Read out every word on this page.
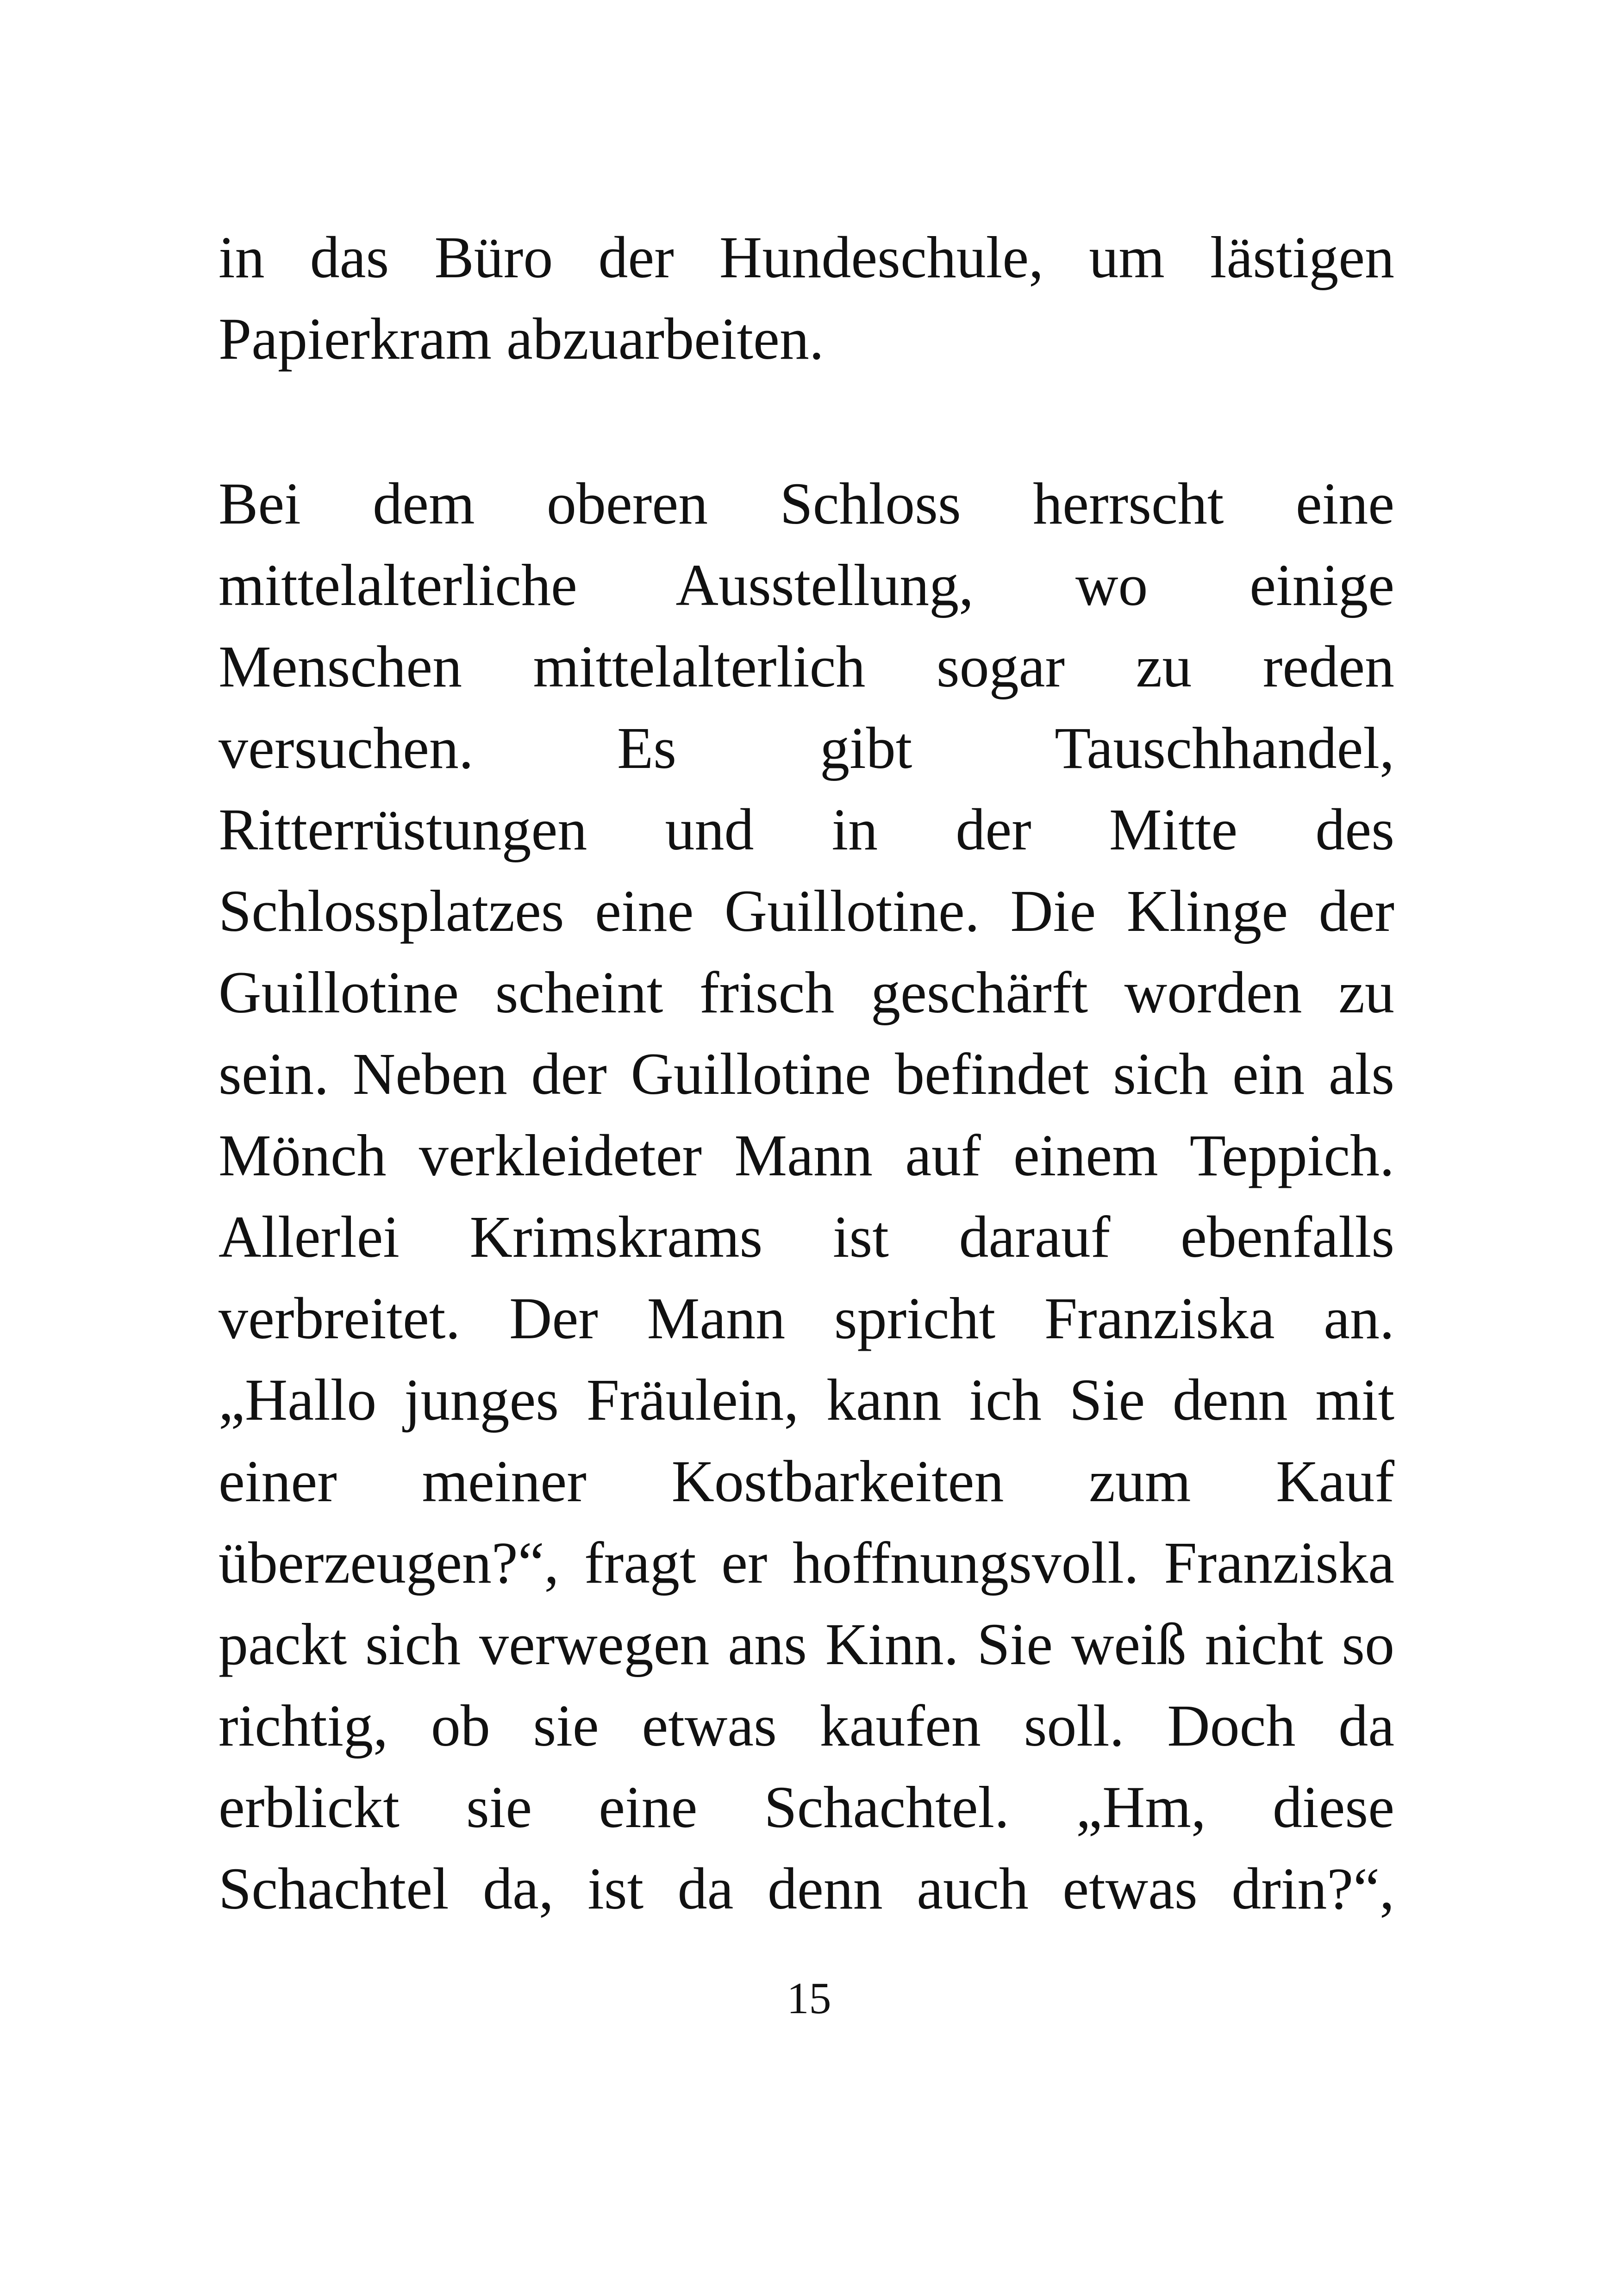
in das Büro der Hundeschule, um lästigen
Papierkram abzuarbeiten.
Bei dem oberen Schloss herrscht eine
mittelalterliche Ausstellung, wo einige
Menschen mittelalterlich sogar zu reden
versuchen. Es gibt Tauschhandel,
Ritterrüstungen und in der Mitte des
Schlossplatzes eine Guillotine. Die Klinge der
Guillotine scheint frisch geschärft worden zu
sein. Neben der Guillotine befindet sich ein als
Mönch verkleideter Mann auf einem Teppich.
Allerlei Krimskrams ist darauf ebenfalls
verbreitet. Der Mann spricht Franziska an.
„Hallo junges Fräulein, kann ich Sie denn mit
einer meiner Kostbarkeiten zum Kauf
überzeugen?“, fragt er hoffnungsvoll. Franziska
packt sich verwegen ans Kinn. Sie weiß nicht so
richtig, ob sie etwas kaufen soll. Doch da
erblickt sie eine Schachtel. „Hm, diese
Schachtel da, ist da denn auch etwas drin?“,
15
